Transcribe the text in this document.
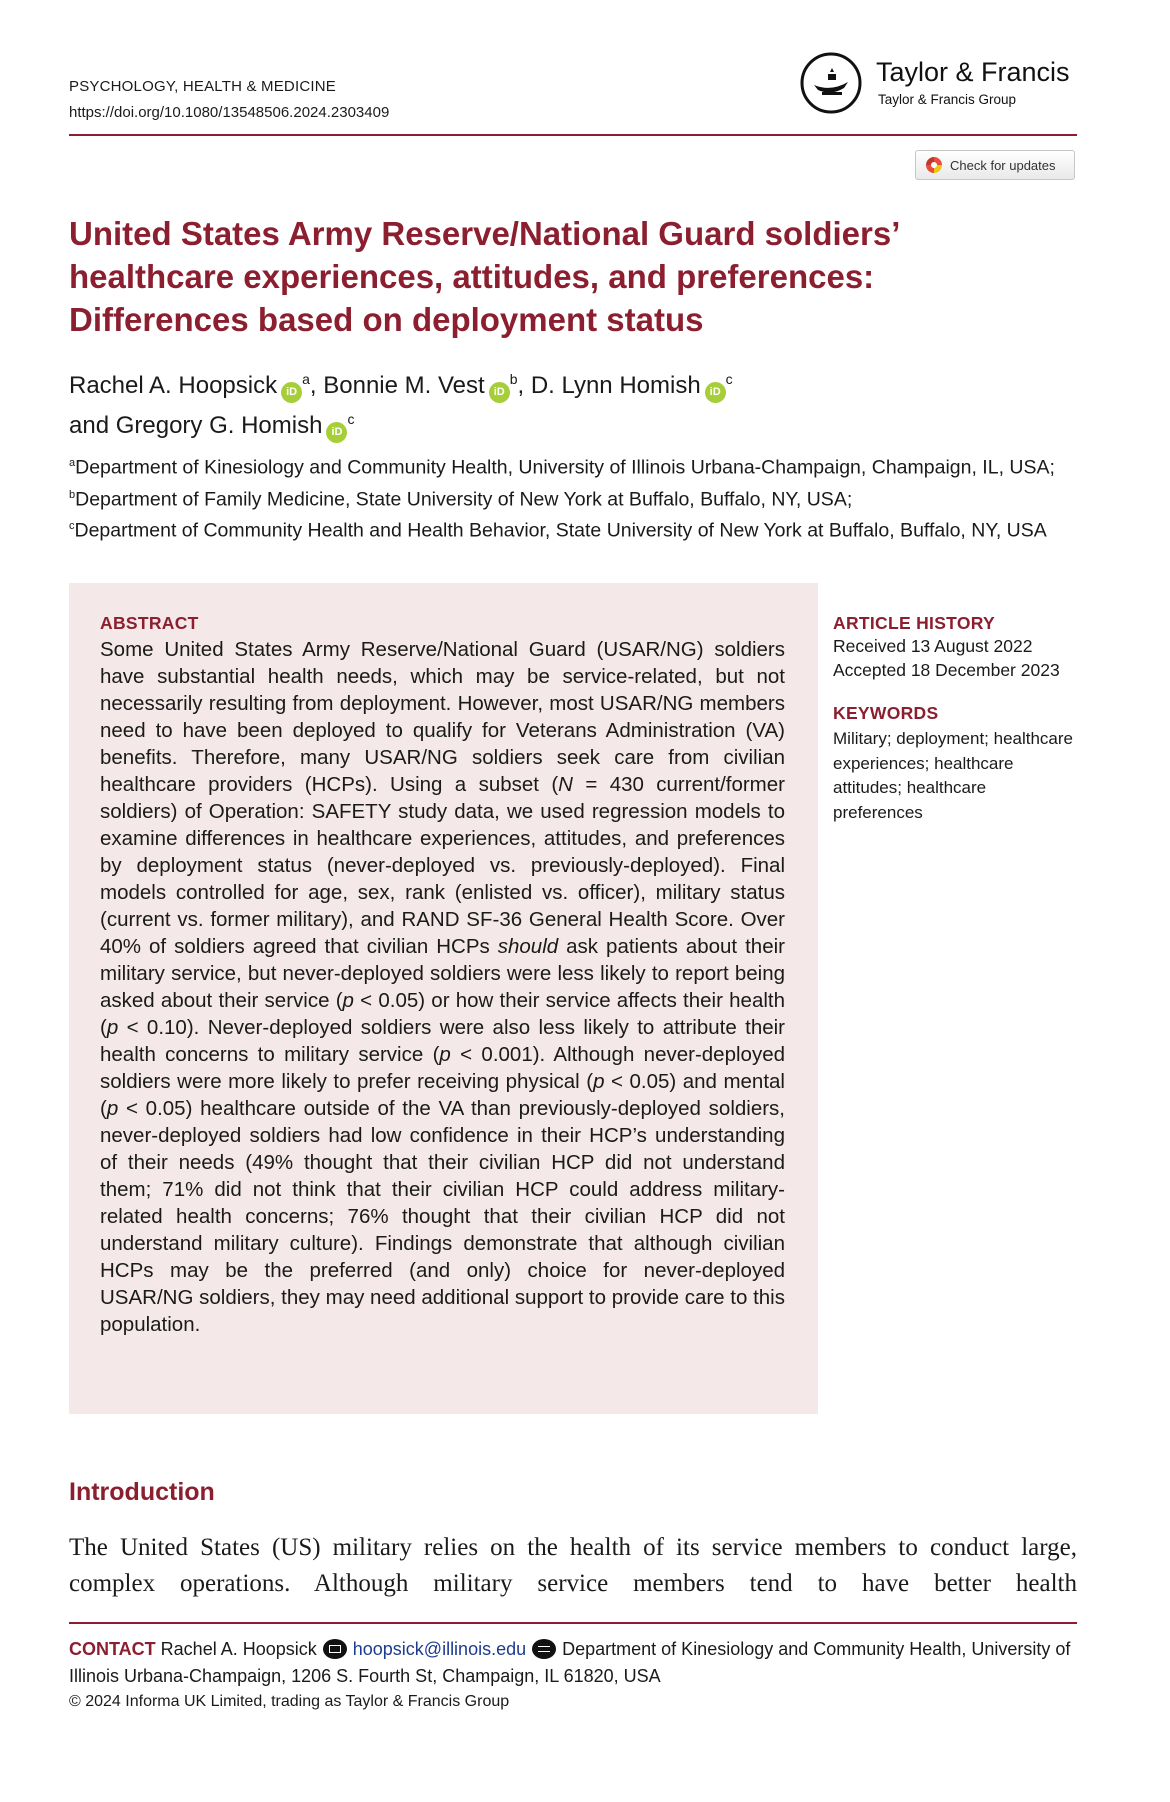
PSYCHOLOGY, HEALTH & MEDICINE
https://doi.org/10.1080/13548506.2024.2303409
Taylor & Francis
Taylor & Francis Group
Check for updates
United States Army Reserve/National Guard soldiers’ healthcare experiences, attitudes, and preferences: Differences based on deployment status
Rachel A. Hoopsick $iD^a$, Bonnie M. Vest $iD^b$, D. Lynn Homish $iD^c$
and Gregory G. Homish $iD^c$
$^a$Department of Kinesiology and Community Health, University of Illinois Urbana-Champaign, Champaign, IL, USA; $^b$Department of Family Medicine, State University of New York at Buffalo, Buffalo, NY, USA;
$^c$Department of Community Health and Health Behavior, State University of New York at Buffalo, Buffalo, NY, USA
ABSTRACT
Some United States Army Reserve/National Guard (USAR/NG) soldiers have substantial health needs, which may be service-related, but not necessarily resulting from deployment. However, most USAR/NG members need to have been deployed to qualify for Veterans Administration (VA) benefits. Therefore, many USAR/NG soldiers seek care from civilian healthcare providers (HCPs). Using a subset (N = 430 current/former soldiers) of Operation: SAFETY study data, we used regression models to examine differences in healthcare experiences, attitudes, and preferences by deployment status (never-deployed vs. previously-deployed). Final models controlled for age, sex, rank (enlisted vs. officer), military status (current vs. former military), and RAND SF-36 General Health Score. Over 40% of soldiers agreed that civilian HCPs should ask patients about their military service, but never-deployed soldiers were less likely to report being asked about their service (p < 0.05) or how their service affects their health (p < 0.10). Never-deployed soldiers were also less likely to attribute their health concerns to military service (p < 0.001). Although never-deployed soldiers were more likely to prefer receiving physical (p < 0.05) and mental (p < 0.05) healthcare outside of the VA than previously-deployed soldiers, never-deployed soldiers had low confidence in their HCP’s understanding of their needs (49% thought that their civilian HCP did not understand them; 71% did not think that their civilian HCP could address military-related health concerns; 76% thought that their civilian HCP did not understand military culture). Findings demonstrate that although civilian HCPs may be the preferred (and only) choice for never-deployed USAR/NG soldiers, they may need additional support to provide care to this population.
ARTICLE HISTORY
Received 13 August 2022
Accepted 18 December 2023
KEYWORDS
Military; deployment; healthcare experiences; healthcare attitudes; healthcare preferences
Introduction
The United States (US) military relies on the health of its service members to conduct large, complex operations. Although military service members tend to have better health
CONTACT Rachel A. Hoopsick hoopsick@illinois.edu Department of Kinesiology and Community Health, University of Illinois Urbana-Champaign, 1206 S. Fourth St, Champaign, IL 61820, USA
© 2024 Informa UK Limited, trading as Taylor & Francis Group
